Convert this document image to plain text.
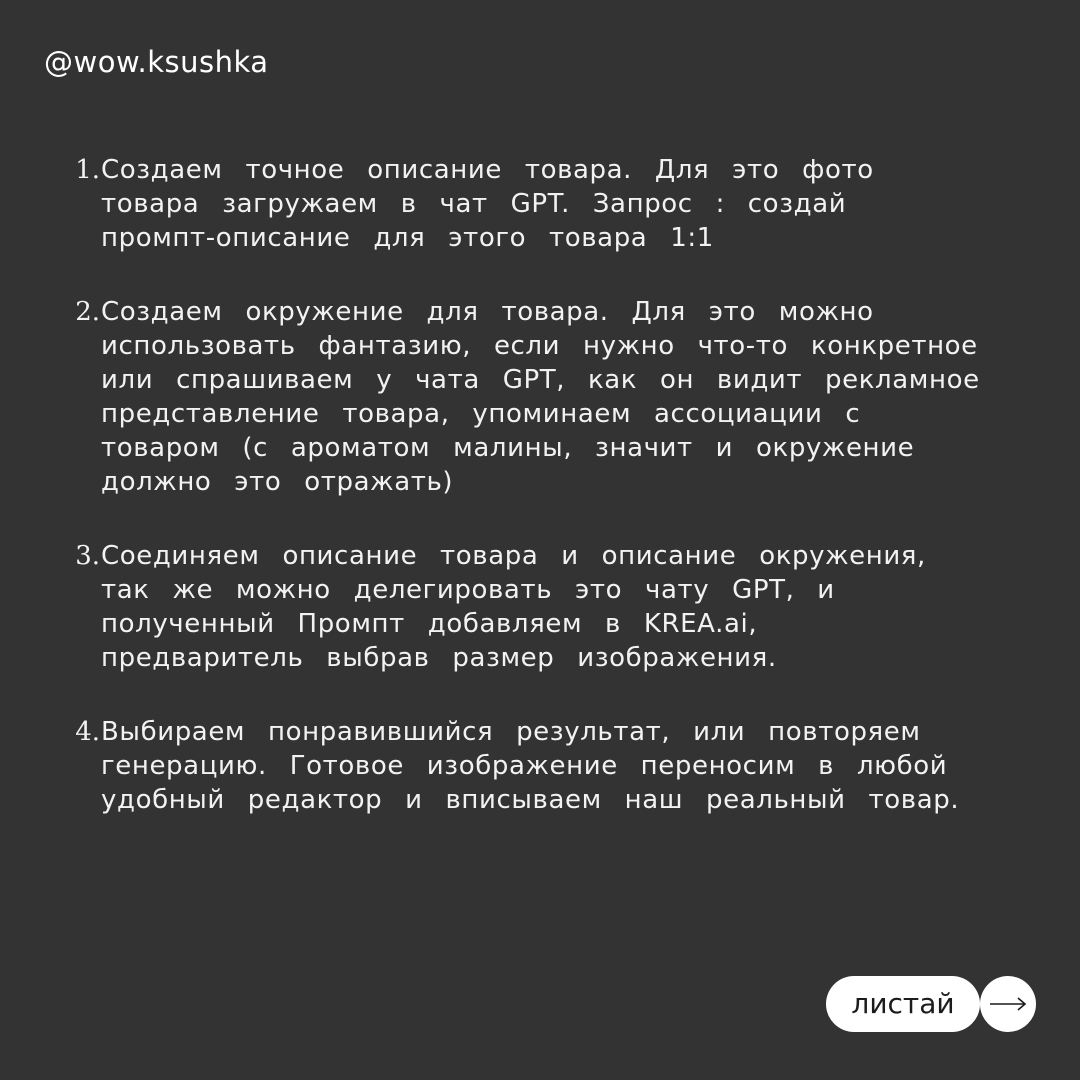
@wow.ksushka
1. Создаем точное описание товара. Для это фото
товара загружаем в чат GPT. Запрос : создай
промпт-описание для этого товара 1:1
2. Создаем окружение для товара. Для это можно
использовать фантазию, если нужно что-то конкретное
или спрашиваем у чата GPT, как он видит рекламное
представление товара, упоминаем ассоциации с
товаром (с ароматом малины, значит и окружение
должно это отражать)
3. Соединяем описание товара и описание окружения,
так же можно делегировать это чату GPT, и
полученный Промпт добавляем в KREA.ai,
предваритель выбрав размер изображения.
4. Выбираем понравившийся результат, или повторяем
генерацию. Готовое изображение переносим в любой
удобный редактор и вписываем наш реальный товар.
листай
